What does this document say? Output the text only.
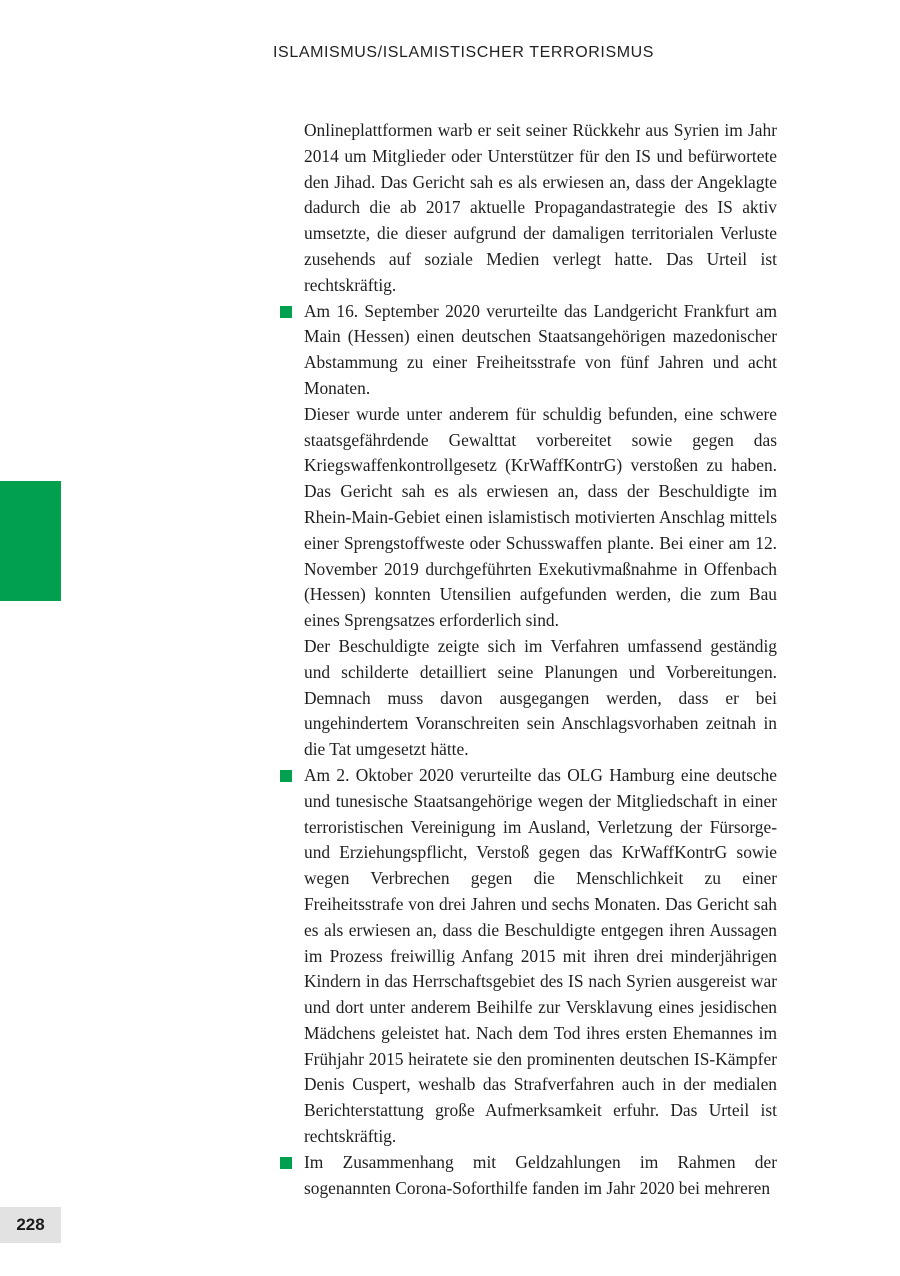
ISLAMISMUS/ISLAMISTISCHER TERRORISMUS
228

Onlineplattformen warb er seit seiner Rückkehr aus Syrien im Jahr 2014 um Mitglieder oder Unterstützer für den IS und befürwortete den Jihad. Das Gericht sah es als erwiesen an, dass der Angeklagte dadurch die ab 2017 aktuelle Propagandastrategie des IS aktiv umsetzte, die dieser aufgrund der damaligen territorialen Verluste zusehends auf soziale Medien verlegt hatte. Das Urteil ist rechtskräftig.

Am 16. September 2020 verurteilte das Landgericht Frankfurt am Main (Hessen) einen deutschen Staatsangehörigen mazedonischer Abstammung zu einer Freiheitsstrafe von fünf Jahren und acht Monaten.

Dieser wurde unter anderem für schuldig befunden, eine schwere staatsgefährdende Gewalttat vorbereitet sowie gegen das Kriegswaffenkontrollgesetz (KrWaffKontrG) verstoßen zu haben. Das Gericht sah es als erwiesen an, dass der Beschuldigte im Rhein-Main-Gebiet einen islamistisch motivierten Anschlag mittels einer Sprengstoffweste oder Schusswaffen plante. Bei einer am 12. November 2019 durchgeführten Exekutivmaßnahme in Offenbach (Hessen) konnten Utensilien aufgefunden werden, die zum Bau eines Sprengsatzes erforderlich sind.

Der Beschuldigte zeigte sich im Verfahren umfassend geständig und schilderte detailliert seine Planungen und Vorbereitungen. Demnach muss davon ausgegangen werden, dass er bei ungehindertem Voranschreiten sein Anschlagsvorhaben zeitnah in die Tat umgesetzt hätte.

Am 2. Oktober 2020 verurteilte das OLG Hamburg eine deutsche und tunesische Staatsangehörige wegen der Mitgliedschaft in einer terroristischen Vereinigung im Ausland, Verletzung der Fürsorge- und Erziehungspflicht, Verstoß gegen das KrWaffKontrG sowie wegen Verbrechen gegen die Menschlichkeit zu einer Freiheitsstrafe von drei Jahren und sechs Monaten. Das Gericht sah es als erwiesen an, dass die Beschuldigte entgegen ihren Aussagen im Prozess freiwillig Anfang 2015 mit ihren drei minderjährigen Kindern in das Herrschaftsgebiet des IS nach Syrien ausgereist war und dort unter anderem Beihilfe zur Versklavung eines jesidischen Mädchens geleistet hat. Nach dem Tod ihres ersten Ehemannes im Frühjahr 2015 heiratete sie den prominenten deutschen IS-Kämpfer Denis Cuspert, weshalb das Strafverfahren auch in der medialen Berichterstattung große Aufmerksamkeit erfuhr. Das Urteil ist rechtskräftig.

Im Zusammenhang mit Geldzahlungen im Rahmen der sogenannten Corona-Soforthilfe fanden im Jahr 2020 bei mehreren
